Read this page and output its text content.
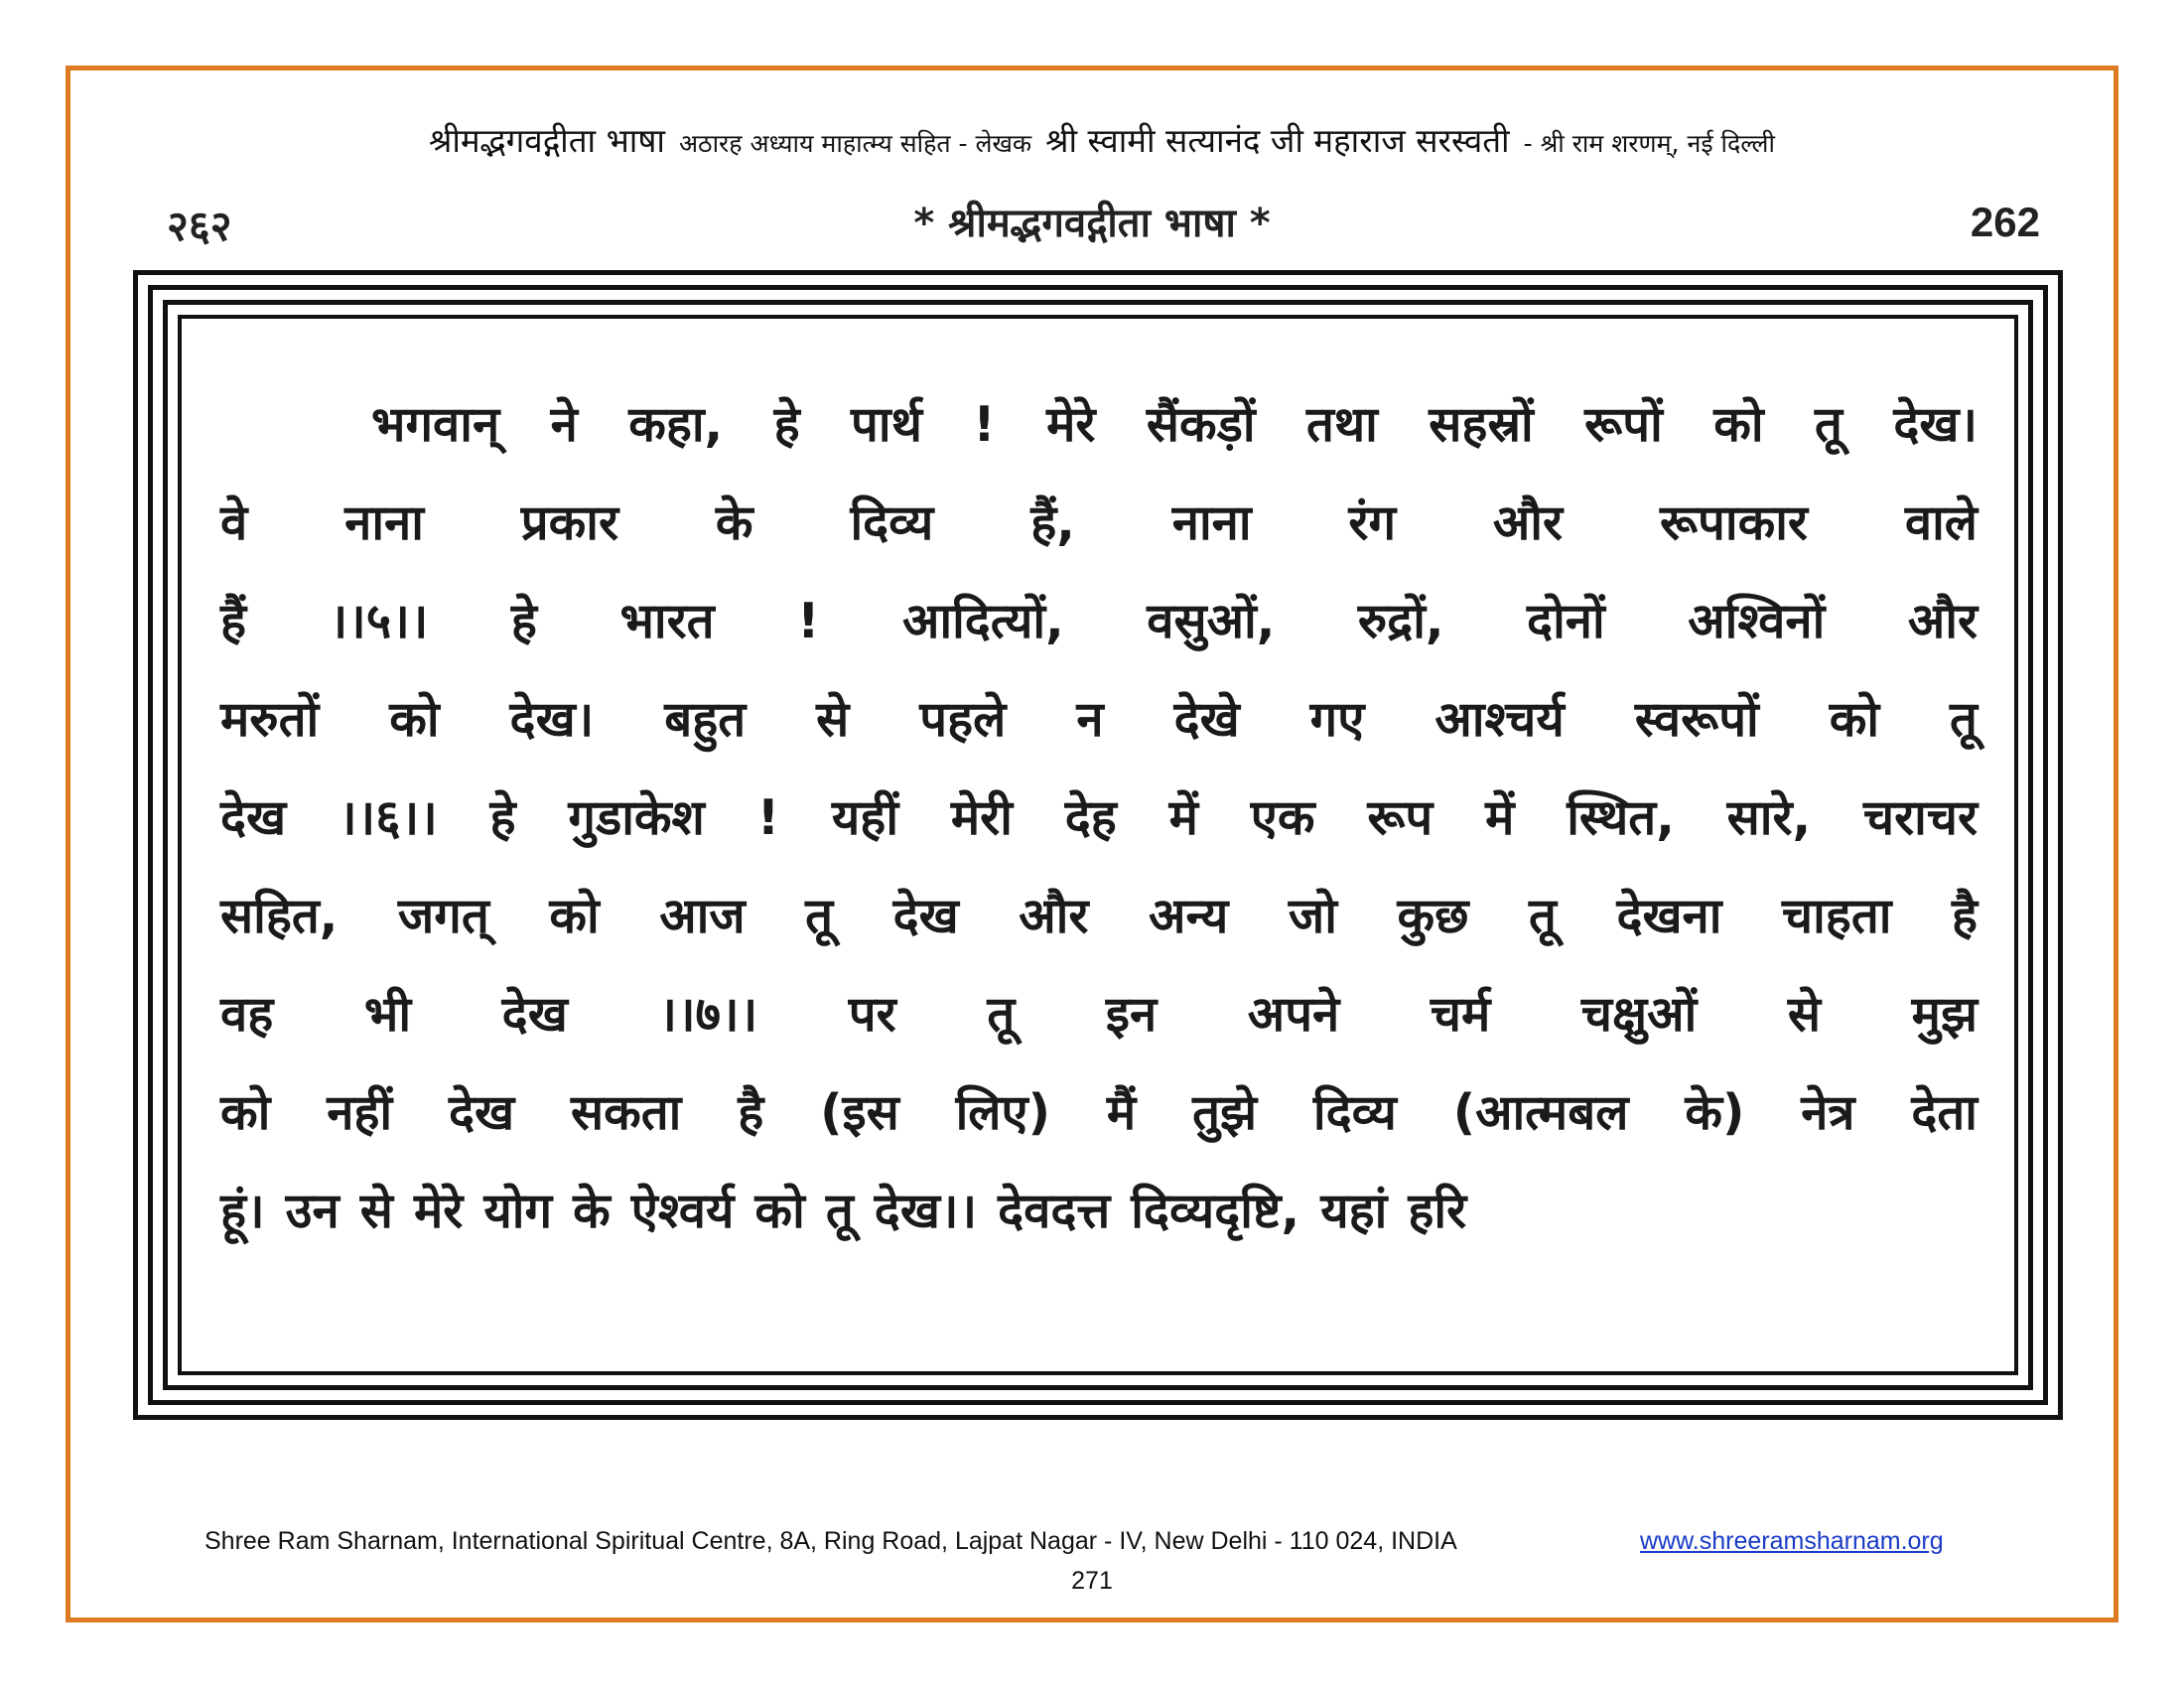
श्रीमद्भगवद्गीता भाषा अठारह अध्याय माहात्म्य सहित - लेखक श्री स्वामी सत्यानंद जी महाराज सरस्वती - श्री राम शरणम्, नई दिल्ली
२६२	* श्रीमद्भगवद्गीता भाषा *	262
भगवान् ने कहा, हे पार्थ ! मेरे सैंकड़ों तथा सहस्रों रूपों को तू देख।
वे नाना प्रकार के दिव्य हैं, नाना रंग और रूपाकार वाले
हैं ।।५।। हे भारत ! आदित्यों, वसुओं, रुद्रों, दोनों अश्विनों और
मरुतों को देख। बहुत से पहले न देखे गए आश्चर्य स्वरूपों को तू
देख ।।६।। हे गुडाकेश ! यहीं मेरी देह में एक रूप में स्थित, सारे, चराचर
सहित, जगत् को आज तू देख और अन्य जो कुछ तू देखना चाहता है
वह भी देख ।।७।। पर तू इन अपने चर्म चक्षुओं से मुझ
को नहीं देख सकता है (इस लिए) मैं तुझे दिव्य (आत्मबल के) नेत्र देता
हूं। उन से मेरे योग के ऐश्वर्य को तू देख।। देवदत्त दिव्यदृष्टि, यहां हरि
Shree Ram Sharnam, International Spiritual Centre, 8A, Ring Road, Lajpat Nagar - IV, New Delhi - 110 024, INDIA	www.shreeramsharnam.org
271
